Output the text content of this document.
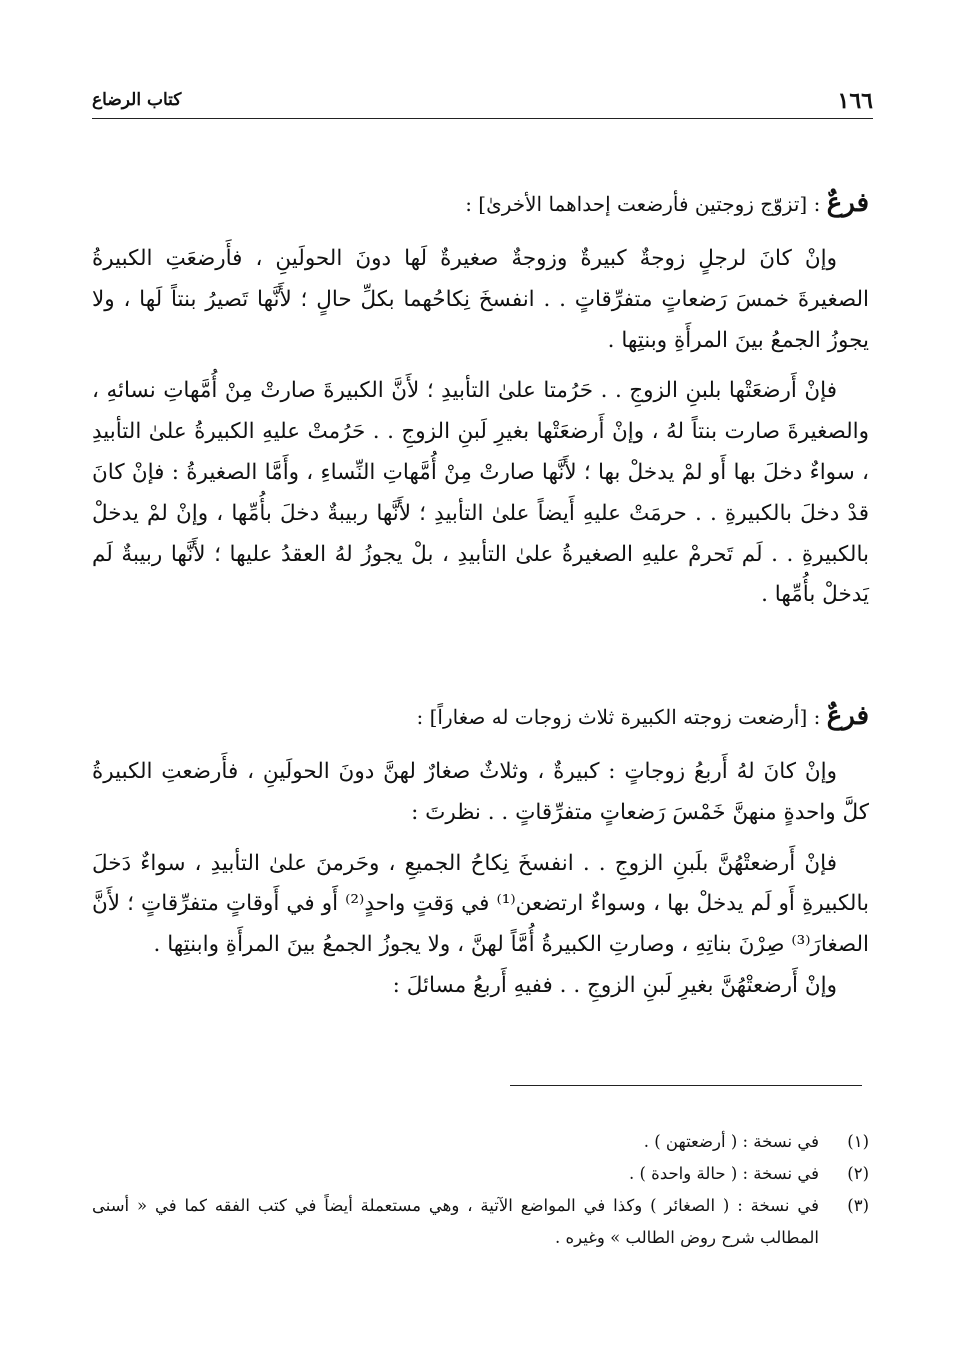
١٦٦
كتاب الرضاع

فرعٌ : [تزوّج زوجتين فأرضعت إحداهما الأخرىٰ] :

وإنْ كانَ لرجلٍ زوجةٌ كبيرةٌ وزوجةٌ صغيرةٌ لَها دونَ الحولَينِ ، فأَرضعَتِ الكبيرةُ الصغيرةَ خمسَ رَضعاتٍ متفرِّقاتٍ . . انفسخَ نِكاحُهما بكلِّ حالٍ ؛ لأَنَّها تَصيرُ بنتاً لَها ، ولا يجوزُ الجمعُ بينَ المرأَةِ وبنتِها .

فإنْ أَرضعَتْها بلبنِ الزوجِ . . حَرُمتا علىٰ التأبيدِ ؛ لأَنَّ الكبيرةَ صارتْ مِنْ أُمَّهاتِ نسائهِ ، والصغيرةَ صارت بنتاً لهُ ، وإنْ أَرضعَتْها بغيرِ لَبنِ الزوجِ . . حَرُمتْ عليهِ الكبيرةُ علىٰ التأبيدِ ، سواءٌ دخلَ بها أَو لمْ يدخلْ بها ؛ لأَنَّها صارتْ مِنْ أُمَّهاتِ النِّساءِ ، وأَمَّا الصغيرةُ : فإنْ كانَ قدْ دخلَ بالكبيرةِ . . حرمَتْ عليهِ أَيضاً علىٰ التأبيدِ ؛ لأَنَّها ربيبةٌ دخلَ بأُمِّها ، وإنْ لمْ يدخلْ بالكبيرةِ . . لَم تَحرمْ عليهِ الصغيرةُ علىٰ التأبيدِ ، بلْ يجوزُ لهُ العقدُ عليها ؛ لأَنَّها ربيبةٌ لَم يَدخلْ بأُمِّها .

فرعٌ : [أرضعت زوجته الكبيرة ثلاث زوجات له صغاراً] :

وإنْ كانَ لهُ أَربعُ زوجاتٍ : كبيرةٌ ، وثلاثٌ صغارٌ لهنَّ دونَ الحولَينِ ، فأَرضعتِ الكبيرةُ كلَّ واحدةٍ منهنَّ خَمْسَ رَضعاتٍ متفرِّقاتٍ . . نظرتَ :

فإنْ أَرضعتْهُنَّ بلَبنِ الزوجِ . . انفسخَ نِكاحُ الجميعِ ، وحَرمنَ علىٰ التأبيدِ ، سواءٌ دَخلَ بالكبيرةِ أَو لَم يدخلْ بها ، وسواءٌ ارتضعن⁽¹⁾ في وَقتٍ واحدٍ⁽²⁾ أَو في أَوقاتٍ متفرِّقاتٍ ؛ لأَنَّ الصغارَ⁽³⁾ صِرْنَ بناتِهِ ، وصارتِ الكبيرةُ أُمَّاً لهنَّ ، ولا يجوزُ الجمعُ بينَ المرأَةِ وابنتِها .

وإنْ أَرضعتْهُنَّ بغيرِ لَبنِ الزوجِ . . ففيهِ أَربعُ مسائلَ :

(١)
في نسخة : ( أرضعتهن ) .
(٢)
في نسخة : ( حالة واحدة ) .
(٣)
في نسخة : ( الصغائر ) وكذا في المواضع الآتية ، وهي مستعملة أيضاً في كتب الفقه كما في « أسنى المطالب شرح روض الطالب » وغيره .
